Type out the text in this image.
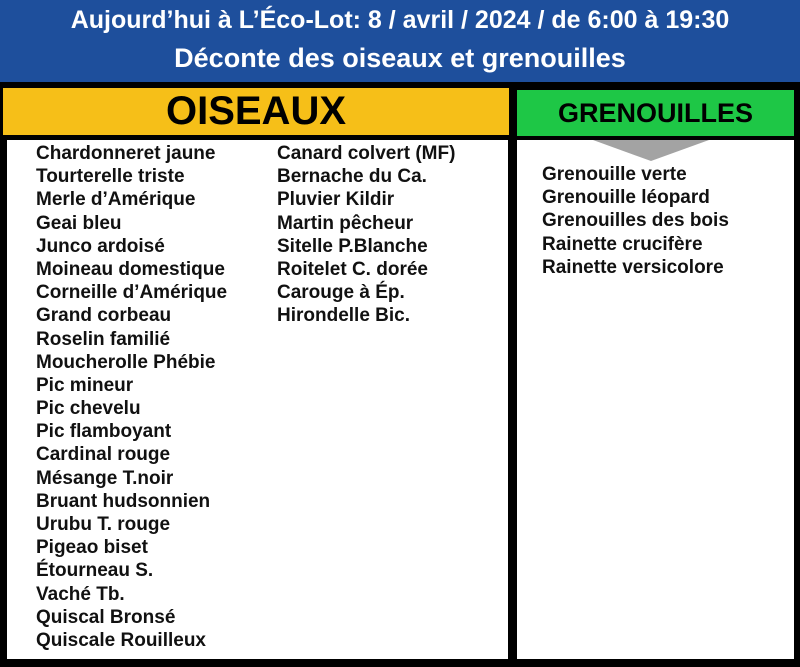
Aujourd’hui à L’Éco-Lot: 8 / avril / 2024 / de 6:00 à 19:30
Déconte des oiseaux et grenouilles
OISEAUX	GRENOUILLES
Chardonneret jaune
Tourterelle triste
Merle d’Amérique
Geai bleu
Junco ardoisé
Moineau domestique
Corneille d’Amérique
Grand corbeau
Roselin familié
Moucherolle Phébie
Pic mineur
Pic chevelu
Pic flamboyant
Cardinal rouge
Mésange T.noir
Bruant hudsonnien
Urubu T. rouge
Pigeao biset
Étourneau S.
Vaché Tb.
Quiscal Bronsé
Quiscale Rouilleux
Canard colvert (MF)
Bernache du Ca.
Pluvier Kildir
Martin pêcheur
Sitelle P.Blanche
Roitelet C. dorée
Carouge à Ép.
Hirondelle Bic.
Grenouille verte
Grenouille léopard
Grenouilles des bois
Rainette crucifère
Rainette versicolore
